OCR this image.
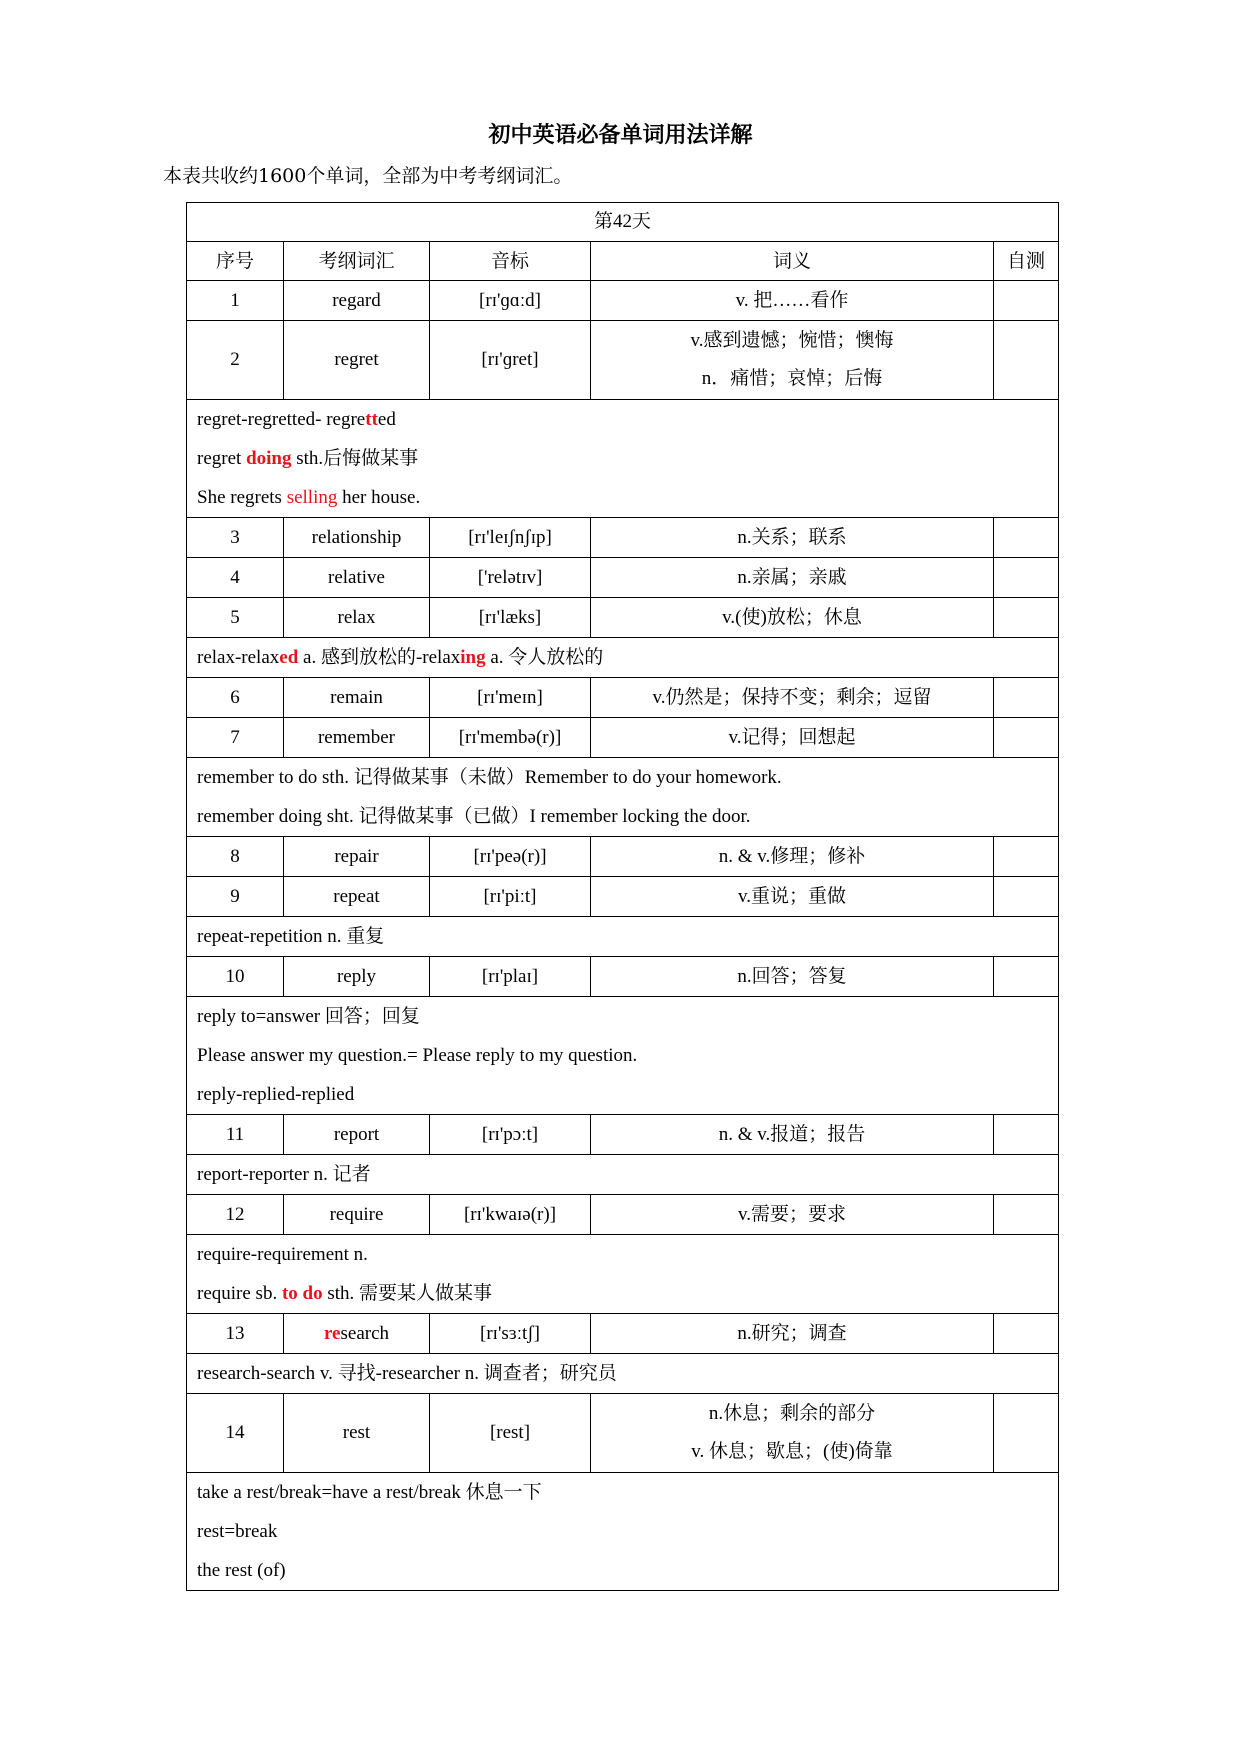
初中英语必备单词用法详解
本表共收约1600个单词，全部为中考考纲词汇。
第42天				
序号	考纲词汇	音标	词义	自测
1	regard	[rɪ'ɡɑːd]	v. 把……看作	

2	regret	[rɪ'ɡret]	v.感到遗憾；惋惜；懊悔
n．痛惜；哀悼；后悔	

regret-regretted- regretted
regret doing sth.后悔做某事
She regrets selling her house.				

3	relationship	[rɪ'leɪʃnʃɪp]	n.关系；联系	

4	relative	['relətɪv]	n.亲属；亲戚	

5	relax	[rɪ'læks]	v.(使)放松；休息	

relax-relaxed a. 感到放松的-relaxing a. 令人放松的				

6	remain	[rɪ'meɪn]	v.仍然是；保持不变；剩余；逗留	

7	remember	[rɪ'membə(r)]	v.记得；回想起	

remember to do sth. 记得做某事（未做）Remember to do your homework.
remember doing sht. 记得做某事（已做）I remember locking the door.				

8	repair	[rɪ'peə(r)]	n. & v.修理；修补	

9	repeat	[rɪ'piːt]	v.重说；重做	

repeat-repetition n. 重复				

10	reply	[rɪ'plaɪ]	n.回答；答复	

reply to=answer 回答；回复
Please answer my question.= Please reply to my question.
reply-replied-replied				

11	report	[rɪ'pɔːt]	n. & v.报道；报告	

report-reporter n. 记者				

12	require	[rɪ'kwaɪə(r)]	v.需要；要求	

require-requirement n.
require sb. to do sth. 需要某人做某事				

13	research	[rɪ'sɜːtʃ]	n.研究；调查	

research-search v. 寻找-researcher n. 调查者；研究员				

14	rest	[rest]	n.休息；剩余的部分
v. 休息；歇息；(使)倚靠	

take a rest/break=have a rest/break 休息一下
rest=break
the rest (of)				
